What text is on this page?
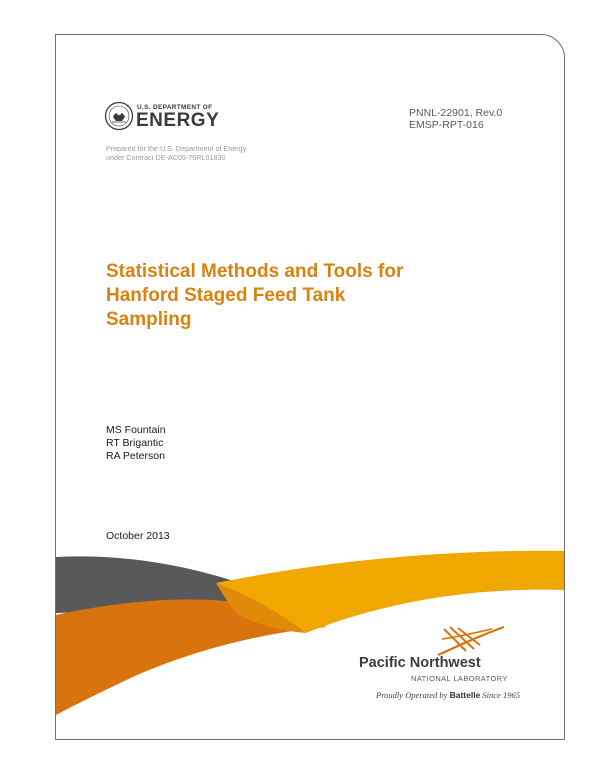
U.S. DEPARTMENT OF
ENERGY
Prepared for the U.S. Department of Energy
under Contract DE-AC05-76RL01830
PNNL-22901, Rev.0
EMSP-RPT-016
Statistical Methods and Tools for
Hanford Staged Feed Tank
Sampling
MS Fountain
RT Brigantic
RA Peterson
October 2013
Pacific Northwest
NATIONAL LABORATORY
Proudly Operated by Battelle Since 1965
